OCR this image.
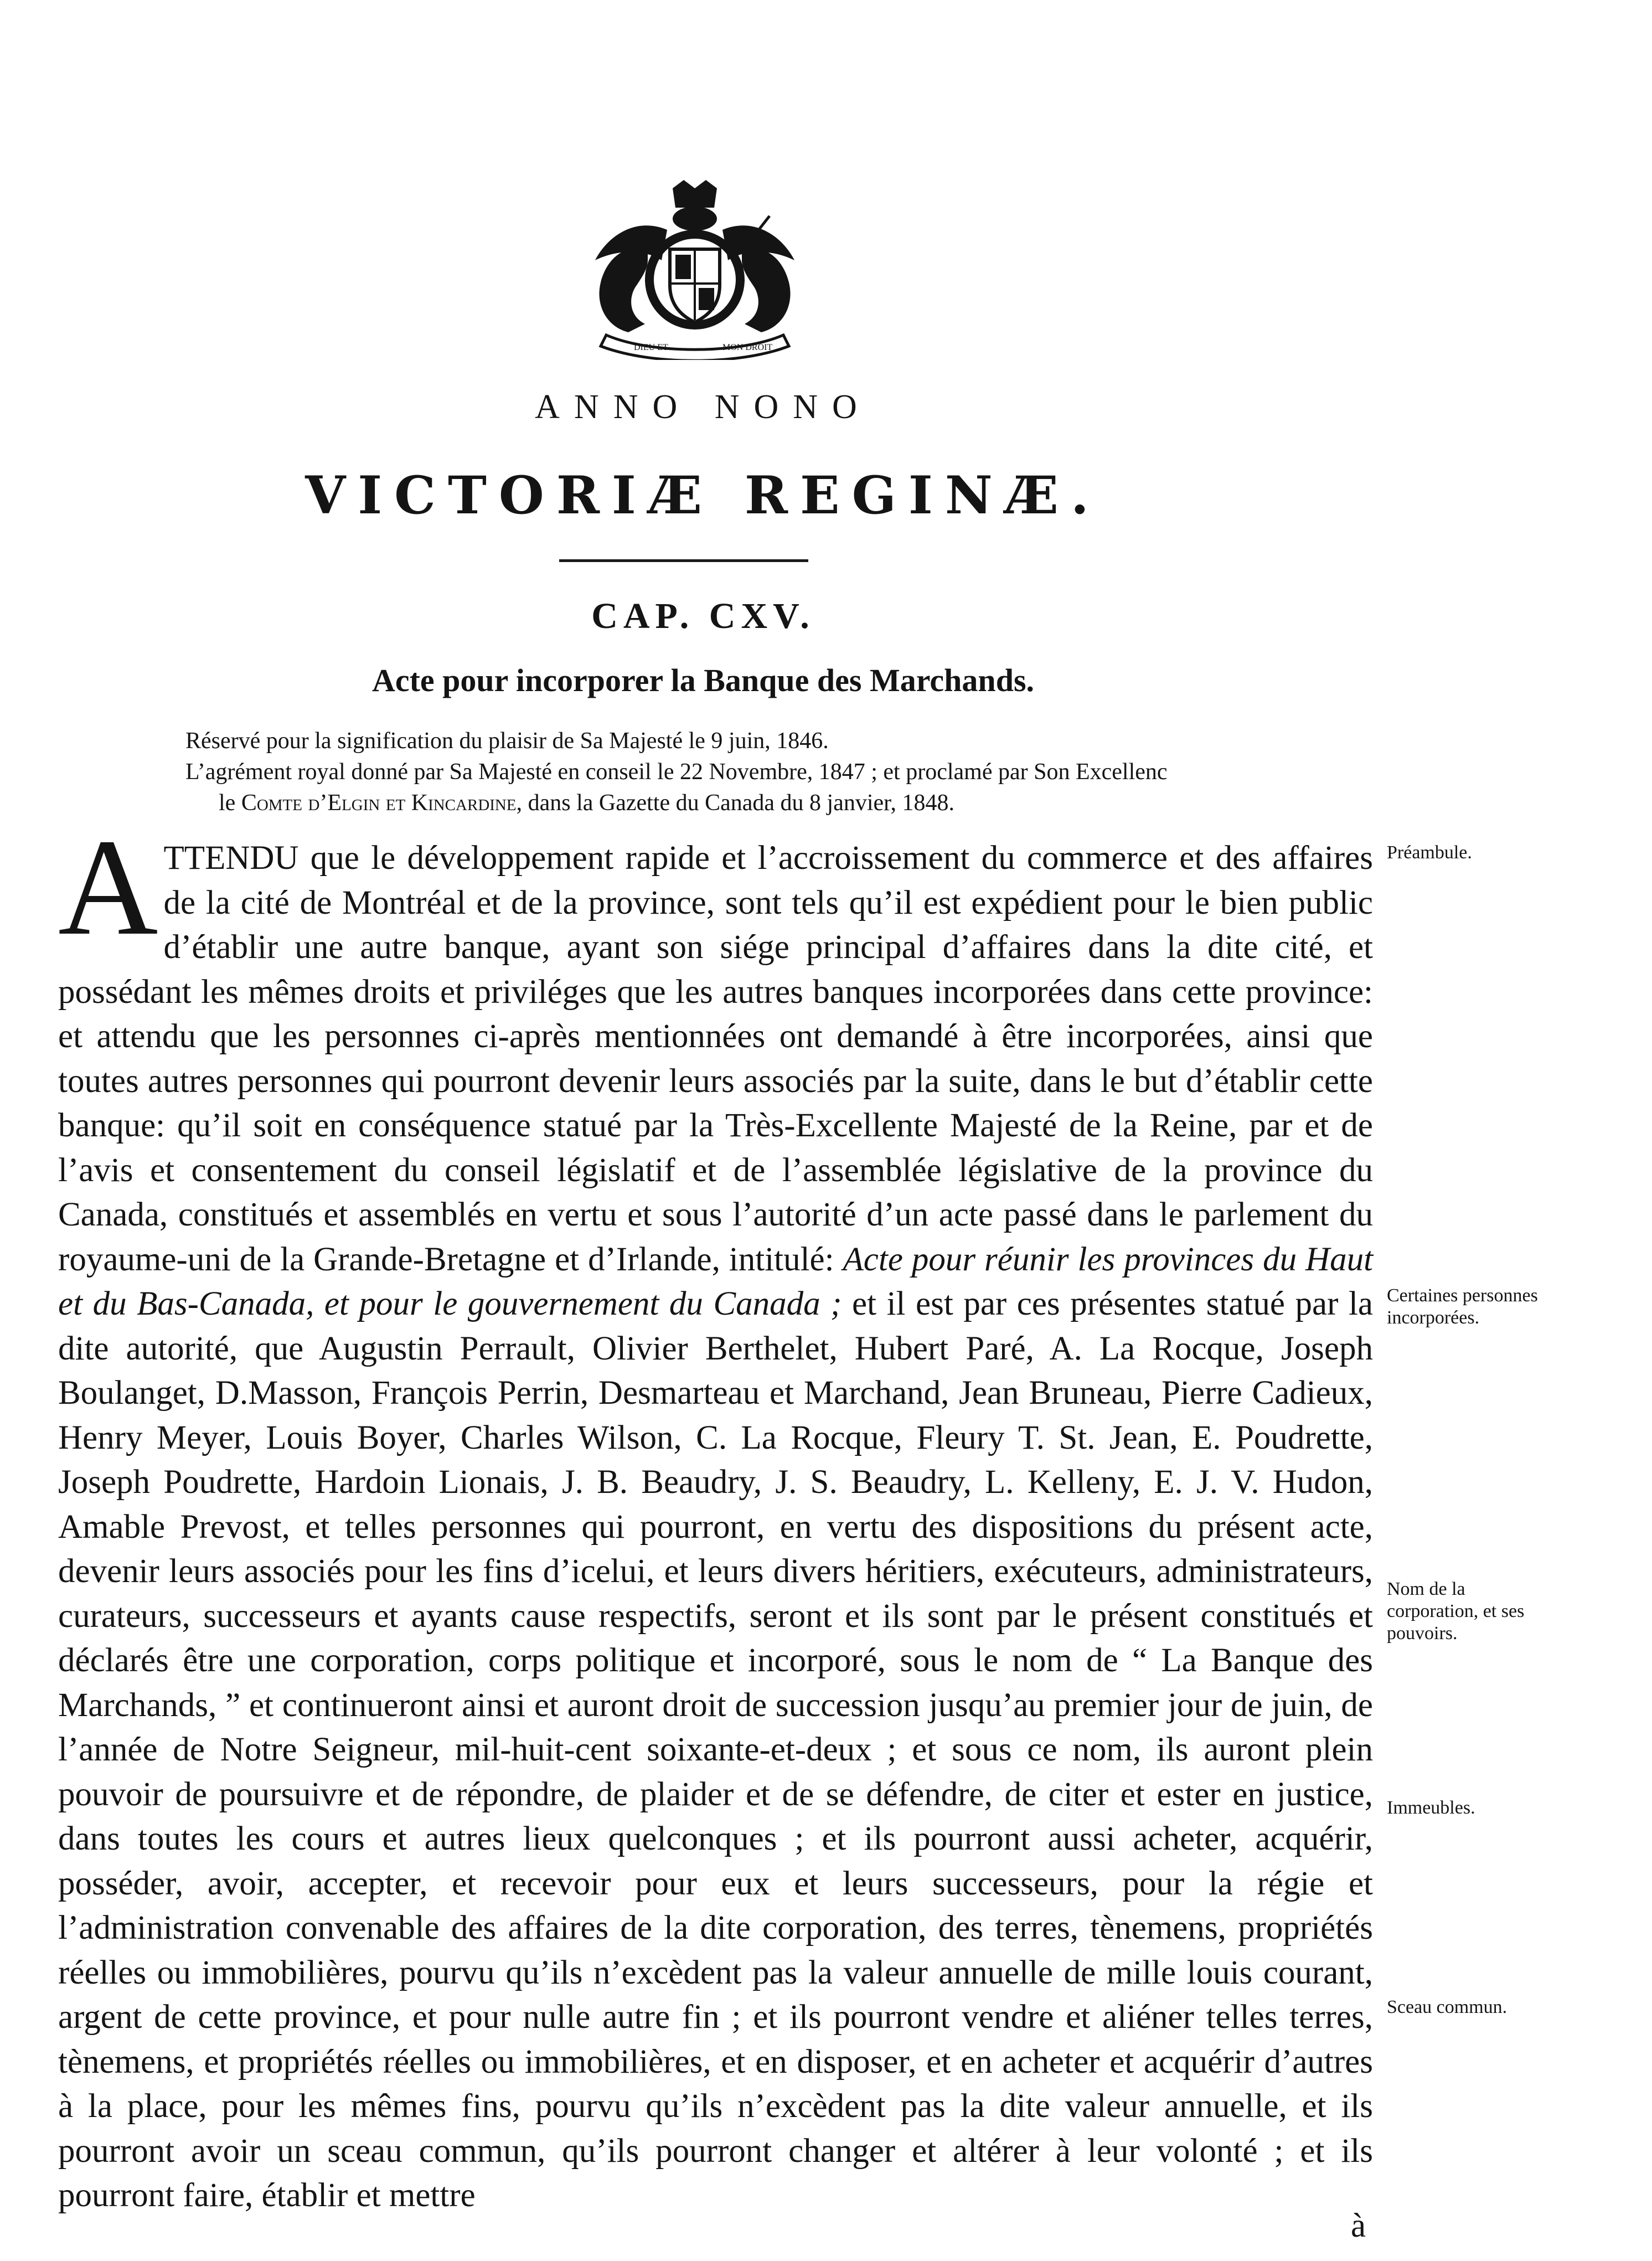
DIEU ET	MON DROIT
ANNO NONO
VICTORIÆ REGINÆ.
CAP. CXV.
Acte pour incorporer la Banque des Marchands.
Réservé pour la signification du plaisir de Sa Majesté le 9 juin, 1846.
L’agrément royal donné par Sa Majesté en conseil le 22 Novembre, 1847 ; et proclamé par Son Excellenc
le Comte d’Elgin et Kincardine, dans la Gazette du Canada du 8 janvier, 1848.
ATTENDU que le développement rapide et l’accroissement du commerce et des affaires de la cité de Montréal et de la province, sont tels qu’il est expédient pour le bien public d’établir une autre banque, ayant son siége principal d’affaires dans la dite cité, et possédant les mêmes droits et priviléges que les autres banques incorporées dans cette province: et attendu que les personnes ci-après mentionnées ont demandé à être incorporées, ainsi que toutes autres personnes qui pourront devenir leurs associés par la suite, dans le but d’établir cette banque: qu’il soit en conséquence statué par la Très-Excellente Majesté de la Reine, par et de l’avis et consentement du conseil législatif et de l’assemblée législative de la province du Canada, constitués et assemblés en vertu et sous l’autorité d’un acte passé dans le parlement du royaume-uni de la Grande-Bretagne et d’Irlande, intitulé: Acte pour réunir les provinces du Haut et du Bas-Canada, et pour le gouvernement du Canada ; et il est par ces présentes statué par la dite autorité, que Augustin Perrault, Olivier Berthelet, Hubert Paré, A. La Rocque, Joseph Boulanget, D.Masson, François Perrin, Desmarteau et Marchand, Jean Bruneau, Pierre Cadieux, Henry Meyer, Louis Boyer, Charles Wilson, C. La Rocque, Fleury T. St. Jean, E. Poudrette, Joseph Poudrette, Hardoin Lionais, J. B. Beaudry, J. S. Beaudry, L. Kelleny, E. J. V. Hudon, Amable Prevost, et telles personnes qui pourront, en vertu des dispositions du présent acte, devenir leurs associés pour les fins d’icelui, et leurs divers héritiers, exécuteurs, administrateurs, curateurs, successeurs et ayants cause respectifs, seront et ils sont par le présent constitués et déclarés être une corporation, corps politique et incorporé, sous le nom de “ La Banque des Marchands, ” et continueront ainsi et auront droit de succession jusqu’au premier jour de juin, de l’année de Notre Seigneur, mil-huit-cent soixante-et-deux ; et sous ce nom, ils auront plein pouvoir de poursuivre et de répondre, de plaider et de se défendre, de citer et ester en justice, dans toutes les cours et autres lieux quelconques ; et ils pourront aussi acheter, acquérir, posséder, avoir, accepter, et recevoir pour eux et leurs successeurs, pour la régie et l’administration convenable des affaires de la dite corporation, des terres, tènemens, propriétés réelles ou immobilières, pourvu qu’ils n’excèdent pas la valeur annuelle de mille louis courant, argent de cette province, et pour nulle autre fin ; et ils pourront vendre et aliéner telles terres, tènemens, et propriétés réelles ou immobilières, et en disposer, et en acheter et acquérir d’autres à la place, pour les mêmes fins, pourvu qu’ils n’excèdent pas la dite valeur annuelle, et ils pourront avoir un sceau commun, qu’ils pourront changer et altérer à leur volonté ; et ils pourront faire, établir et mettre
à
Préambule.
Certaines personnes incorporées.
Nom de la corporation, et ses pouvoirs.
Immeubles.
Sceau commun.
